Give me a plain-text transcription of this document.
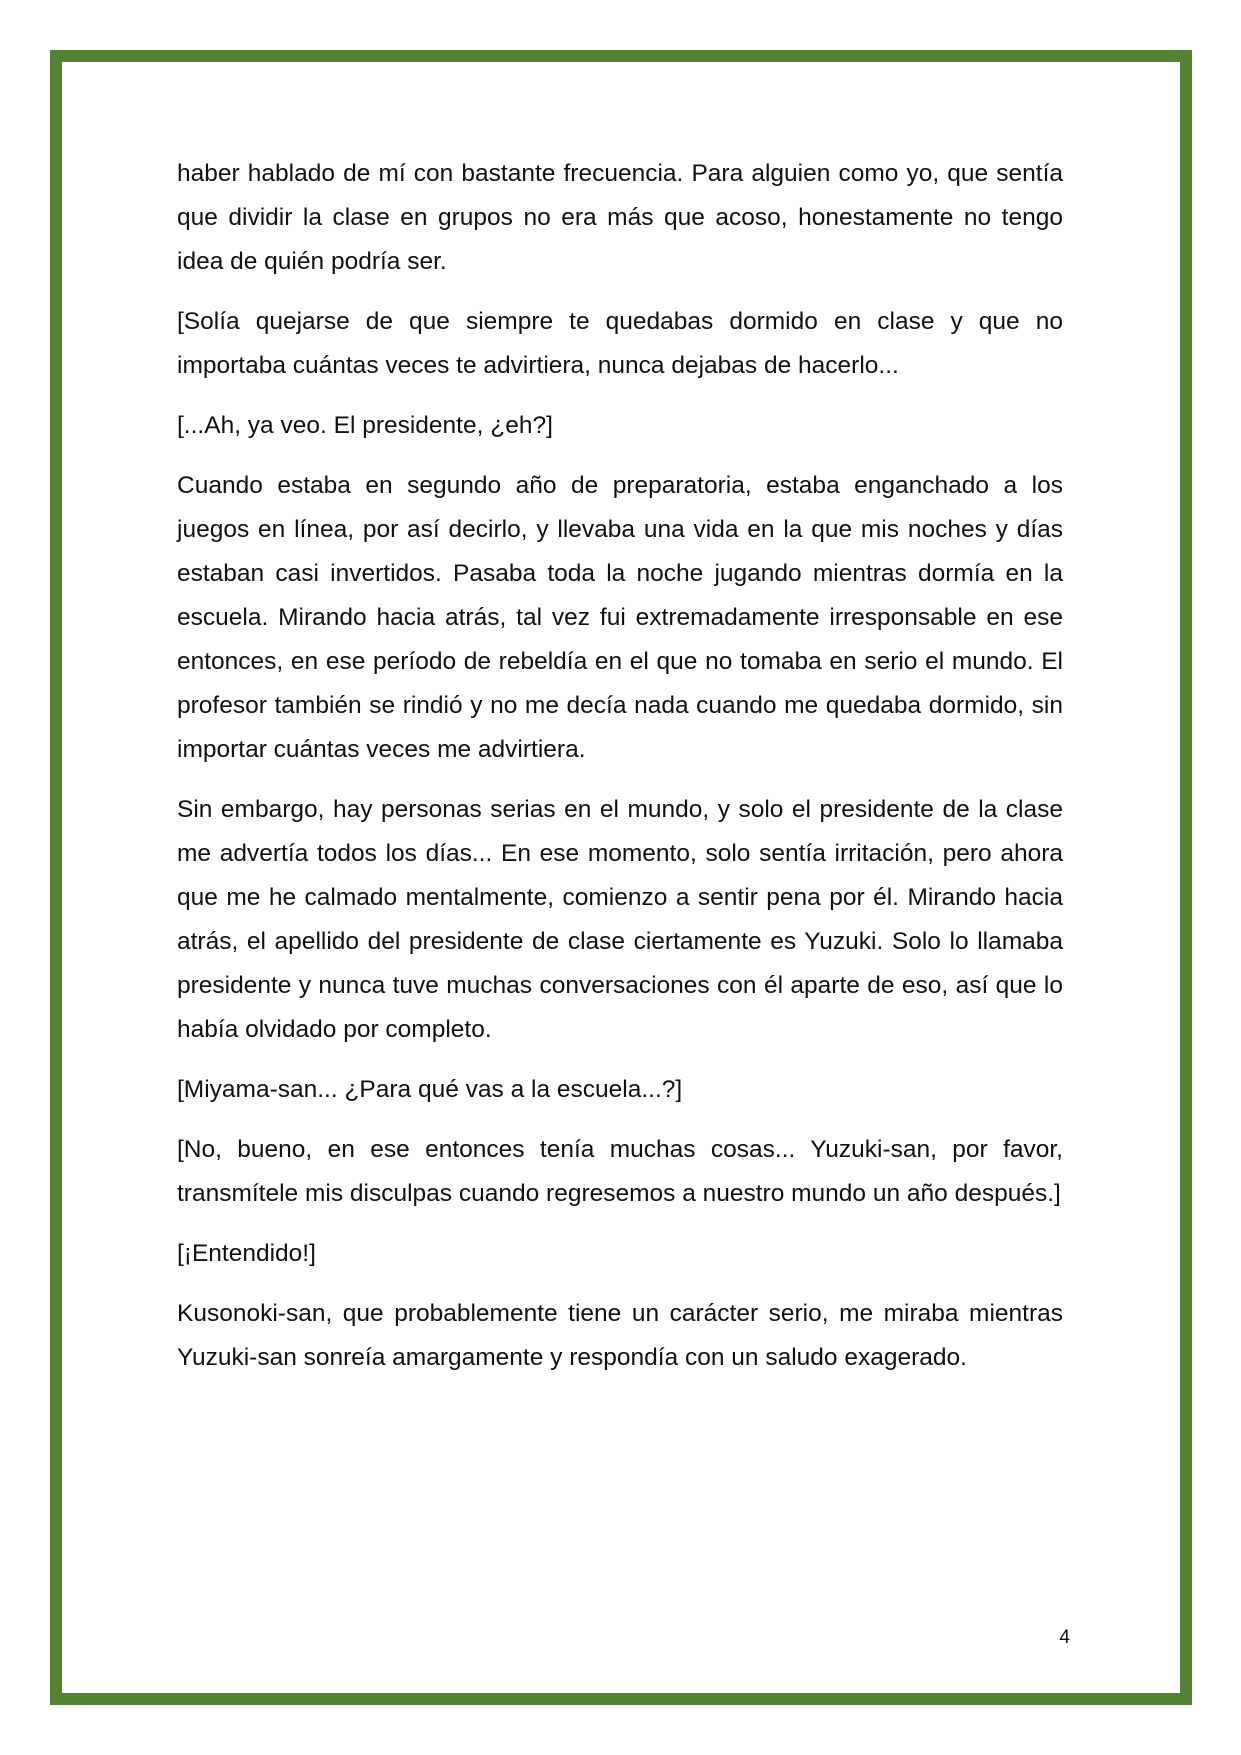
haber hablado de mí con bastante frecuencia. Para alguien como yo, que sentía que dividir la clase en grupos no era más que acoso, honestamente no tengo idea de quién podría ser.

[Solía quejarse de que siempre te quedabas dormido en clase y que no importaba cuántas veces te advirtiera, nunca dejabas de hacerlo...

[...Ah, ya veo. El presidente, ¿eh?]

Cuando estaba en segundo año de preparatoria, estaba enganchado a los juegos en línea, por así decirlo, y llevaba una vida en la que mis noches y días estaban casi invertidos. Pasaba toda la noche jugando mientras dormía en la escuela. Mirando hacia atrás, tal vez fui extremadamente irresponsable en ese entonces, en ese período de rebeldía en el que no tomaba en serio el mundo. El profesor también se rindió y no me decía nada cuando me quedaba dormido, sin importar cuántas veces me advirtiera.

Sin embargo, hay personas serias en el mundo, y solo el presidente de la clase me advertía todos los días... En ese momento, solo sentía irritación, pero ahora que me he calmado mentalmente, comienzo a sentir pena por él. Mirando hacia atrás, el apellido del presidente de clase ciertamente es Yuzuki. Solo lo llamaba presidente y nunca tuve muchas conversaciones con él aparte de eso, así que lo había olvidado por completo.

[Miyama-san... ¿Para qué vas a la escuela...?]

[No, bueno, en ese entonces tenía muchas cosas... Yuzuki-san, por favor, transmítele mis disculpas cuando regresemos a nuestro mundo un año después.]

[¡Entendido!]

Kusonoki-san, que probablemente tiene un carácter serio, me miraba mientras Yuzuki-san sonreía amargamente y respondía con un saludo exagerado.

4
